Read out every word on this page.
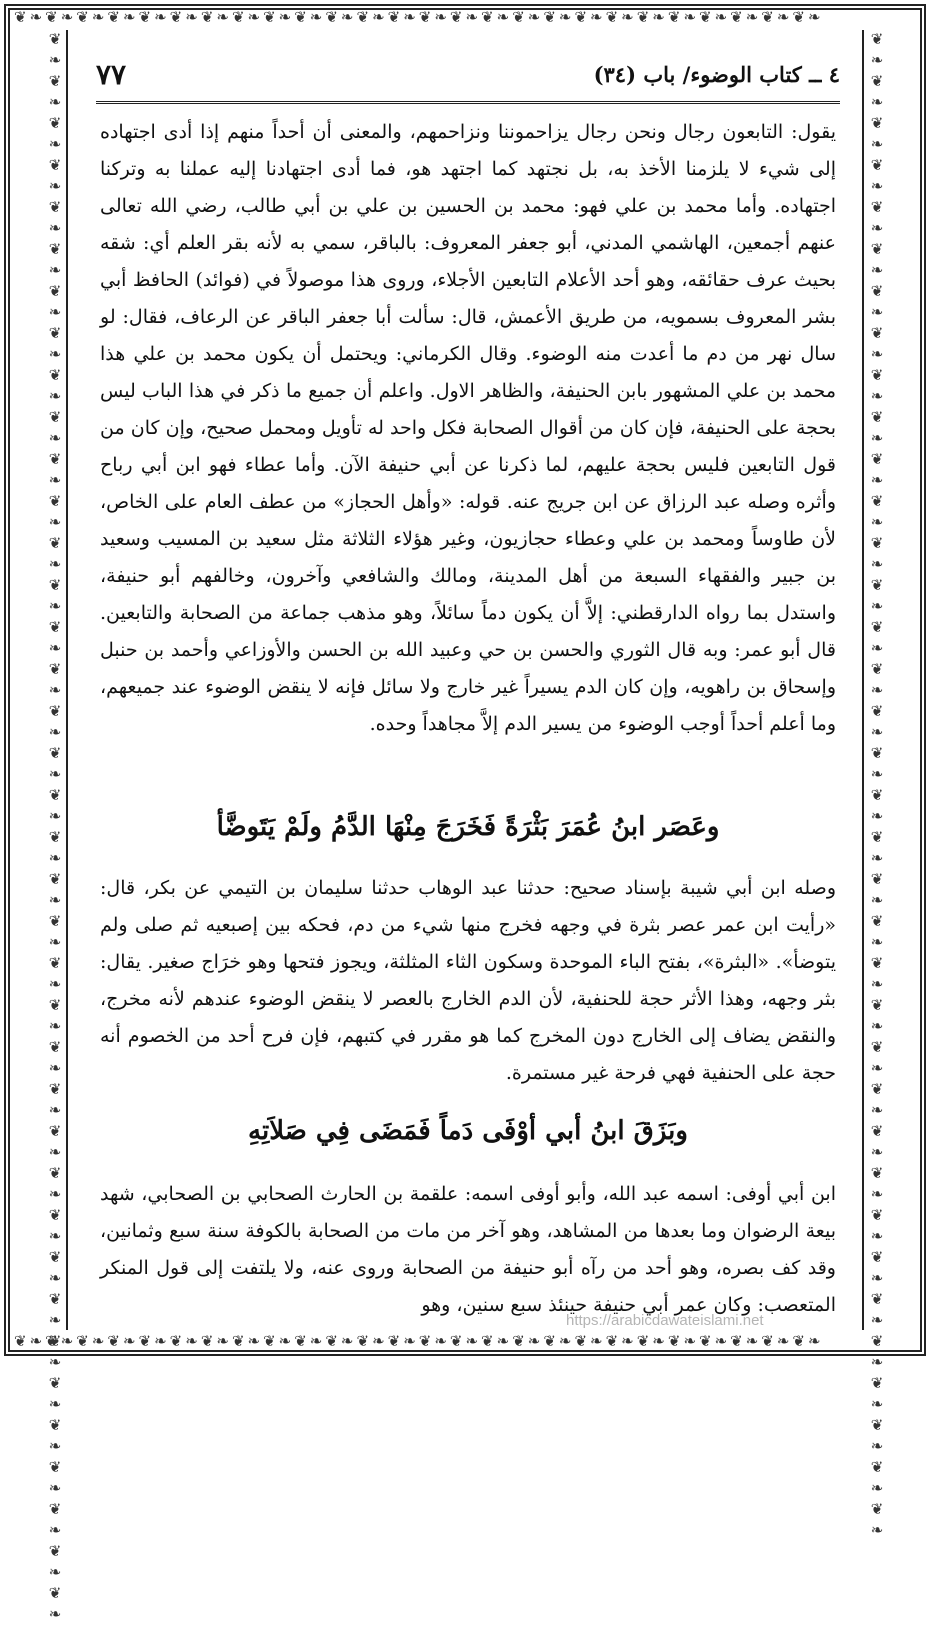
❦❧❦❧❦❧❦❧❦❧❦❧❦❧❦❧❦❧❦❧❦❧❦❧❦❧❦❧❦❧❦❧❦❧❦❧❦❧❦❧❦❧❦❧❦❧❦❧❦❧❦❧
❦❧❦❧❦❧❦❧❦❧❦❧❦❧❦❧❦❧❦❧❦❧❦❧❦❧❦❧❦❧❦❧❦❧❦❧❦❧❦❧❦❧❦❧❦❧❦❧❦❧❦❧
❦❧❦❧❦❧❦❧❦❧❦❧❦❧❦❧❦❧❦❧❦❧❦❧❦❧❦❧❦❧❦❧❦❧❦❧❦❧❦❧❦❧❦❧❦❧❦❧❦❧❦❧❦❧❦❧❦❧❦❧❦❧❦❧❦❧❦❧❦❧❦❧❦❧❦❧	❦❧❦❧❦❧❦❧❦❧❦❧❦❧❦❧❦❧❦❧❦❧❦❧❦❧❦❧❦❧❦❧❦❧❦❧❦❧❦❧❦❧❦❧❦❧❦❧❦❧❦❧❦❧❦❧❦❧❦❧❦❧❦❧❦❧❦❧❦❧❦❧
٤ ــ كتاب الوضوء/ باب (٣٤)
٧٧

يقول: التابعون رجال ونحن رجال يزاحموننا ونزاحمهم، والمعنى أن أحداً منهم إذا أدى اجتهاده إلى شيء لا يلزمنا الأخذ به، بل نجتهد كما اجتهد هو، فما أدى اجتهادنا إليه عملنا به وتركنا اجتهاده. وأما محمد بن علي فهو: محمد بن الحسين بن علي بن أبي طالب، رضي الله تعالى عنهم أجمعين، الهاشمي المدني، أبو جعفر المعروف: بالباقر، سمي به لأنه بقر العلم أي: شقه بحيث عرف حقائقه، وهو أحد الأعلام التابعين الأجلاء، وروى هذا موصولاً في (فوائد) الحافظ أبي بشر المعروف بسمويه، من طريق الأعمش، قال: سألت أبا جعفر الباقر عن الرعاف، فقال: لو سال نهر من دم ما أعدت منه الوضوء. وقال الكرماني: ويحتمل أن يكون محمد بن علي هذا محمد بن علي المشهور بابن الحنيفة، والظاهر الاول. واعلم أن جميع ما ذكر في هذا الباب ليس بحجة على الحنيفة، فإن كان من أقوال الصحابة فكل واحد له تأويل ومحمل صحيح، وإن كان من قول التابعين فليس بحجة عليهم، لما ذكرنا عن أبي حنيفة الآن. وأما عطاء فهو ابن أبي رباح وأثره وصله عبد الرزاق عن ابن جريج عنه. قوله: «وأهل الحجاز» من عطف العام على الخاص، لأن طاوساً ومحمد بن علي وعطاء حجازيون، وغير هؤلاء الثلاثة مثل سعيد بن المسيب وسعيد بن جبير والفقهاء السبعة من أهل المدينة، ومالك والشافعي وآخرون، وخالفهم أبو حنيفة، واستدل بما رواه الدارقطني: إلاَّ أن يكون دماً سائلاً، وهو مذهب جماعة من الصحابة والتابعين. قال أبو عمر: وبه قال الثوري والحسن بن حي وعبيد الله بن الحسن والأوزاعي وأحمد بن حنبل وإسحاق بن راهويه، وإن كان الدم يسيراً غير خارج ولا سائل فإنه لا ينقض الوضوء عند جميعهم، وما أعلم أحداً أوجب الوضوء من يسير الدم إلاَّ مجاهداً وحده.

وعَصَر ابنُ عُمَرَ بَثْرَةً فَخَرَجَ مِنْهَا الدَّمُ ولَمْ يَتَوضَّأ

وصله ابن أبي شيبة بإسناد صحيح: حدثنا عبد الوهاب حدثنا سليمان بن التيمي عن بكر، قال: «رأيت ابن عمر عصر بثرة في وجهه فخرج منها شيء من دم، فحكه بين إصبعيه ثم صلى ولم يتوضأ». «البثرة»، بفتح الباء الموحدة وسكون الثاء المثلثة، ويجوز فتحها وهو خرَاج صغير. يقال: بثر وجهه، وهذا الأثر حجة للحنفية، لأن الدم الخارج بالعصر لا ينقض الوضوء عندهم لأنه مخرج، والنقض يضاف إلى الخارج دون المخرج كما هو مقرر في كتبهم، فإن فرح أحد من الخصوم أنه حجة على الحنفية فهي فرحة غير مستمرة.

وبَزَقَ ابنُ أبي أوْفَى دَماً فَمَضَى فِي صَلاَتِهِ

ابن أبي أوفى: اسمه عبد الله، وأبو أوفى اسمه: علقمة بن الحارث الصحابي بن الصحابي، شهد بيعة الرضوان وما بعدها من المشاهد، وهو آخر من مات من الصحابة بالكوفة سنة سبع وثمانين، وقد كف بصره، وهو أحد من رآه أبو حنيفة من الصحابة وروى عنه، ولا يلتفت إلى قول المنكر المتعصب: وكان عمر أبي حنيفة حينئذ سبع سنين، وهو

https://arabicdawateislami.net
